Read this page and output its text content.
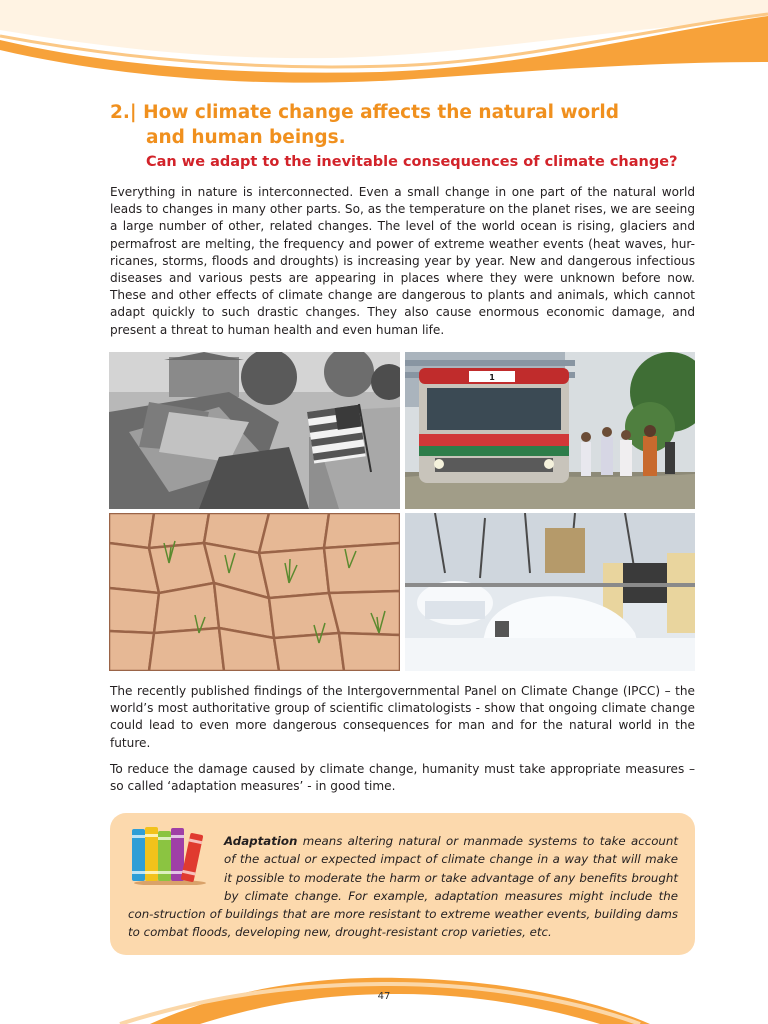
2.| How climate change affects the natural world
and human beings.
Can we adapt to the inevitable consequences of climate change?

Everything in nature is interconnected. Even a small change in one part of the natural world leads to changes in many other parts. So, as the temperature on the planet rises, we are seeing a large number of other, related changes. The level of the world ocean is rising, glaciers and permafrost are melting, the frequency and power of extreme weather events (heat waves, hur-ricanes, storms, floods and droughts) is increasing year by year. New and dangerous infectious diseases and various pests are appearing in places where they were unknown before now. These and other effects of climate change are dangerous to plants and animals, which cannot adapt quickly to such drastic changes. They also cause enormous economic damage, and present a threat to human health and even human life.

1

The recently published findings of the Intergovernmental Panel on Climate Change (IPCC) – the world’s most authoritative group of scientific climatologists - show that ongoing climate change could lead to even more dangerous consequences for man and for the natural world in the future.

To reduce the damage caused by climate change, humanity must take appropriate measures – so called ‘adaptation measures’ - in good time.

Adaptation means altering natural or manmade systems to take account of the actual or expected impact of climate change in a way that will make it possible to moderate the harm or take advantage of any benefits brought by climate change. For example, adaptation measures might include the con-struction of buildings that are more resistant to extreme weather events, building dams to combat floods, developing new, drought-resistant crop varieties, etc.

47
